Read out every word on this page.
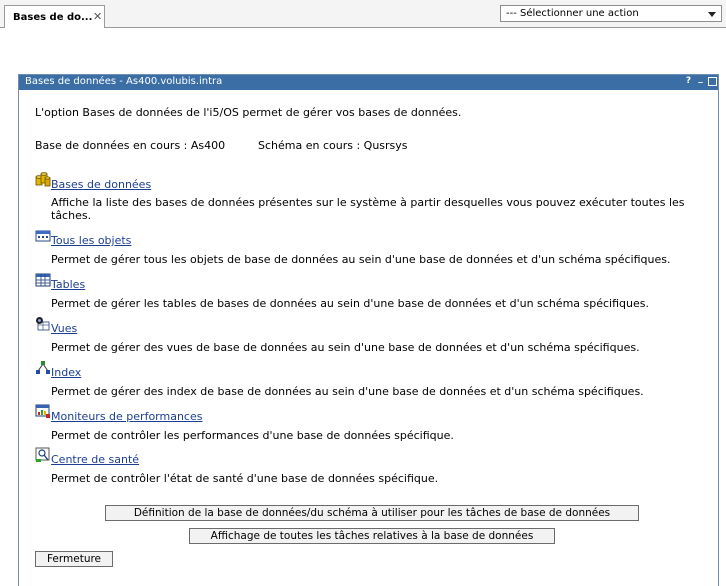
Bases de do... ✕	--- Sélectionner une action
Bases de données - As400.volubis.intra	? _
L'option Bases de données de l'i5/OS permet de gérer vos bases de données.
Base de données en cours : As400	Schéma en cours : Qusrsys
Bases de données
Affiche la liste des bases de données présentes sur le système à partir desquelles vous pouvez exécuter toutes les tâches.
Tous les objets
Permet de gérer tous les objets de base de données au sein d'une base de données et d'un schéma spécifiques.
Tables
Permet de gérer les tables de bases de données au sein d'une base de données et d'un schéma spécifiques.
Vues
Permet de gérer des vues de base de données au sein d'une base de données et d'un schéma spécifiques.
Index
Permet de gérer des index de base de données au sein d'une base de données et d'un schéma spécifiques.
Moniteurs de performances
Permet de contrôler les performances d'une base de données spécifique.
Centre de santé
Permet de contrôler l'état de santé d'une base de données spécifique.
Définition de la base de données/du schéma à utiliser pour les tâches de base de données
Affichage de toutes les tâches relatives à la base de données
Fermeture
